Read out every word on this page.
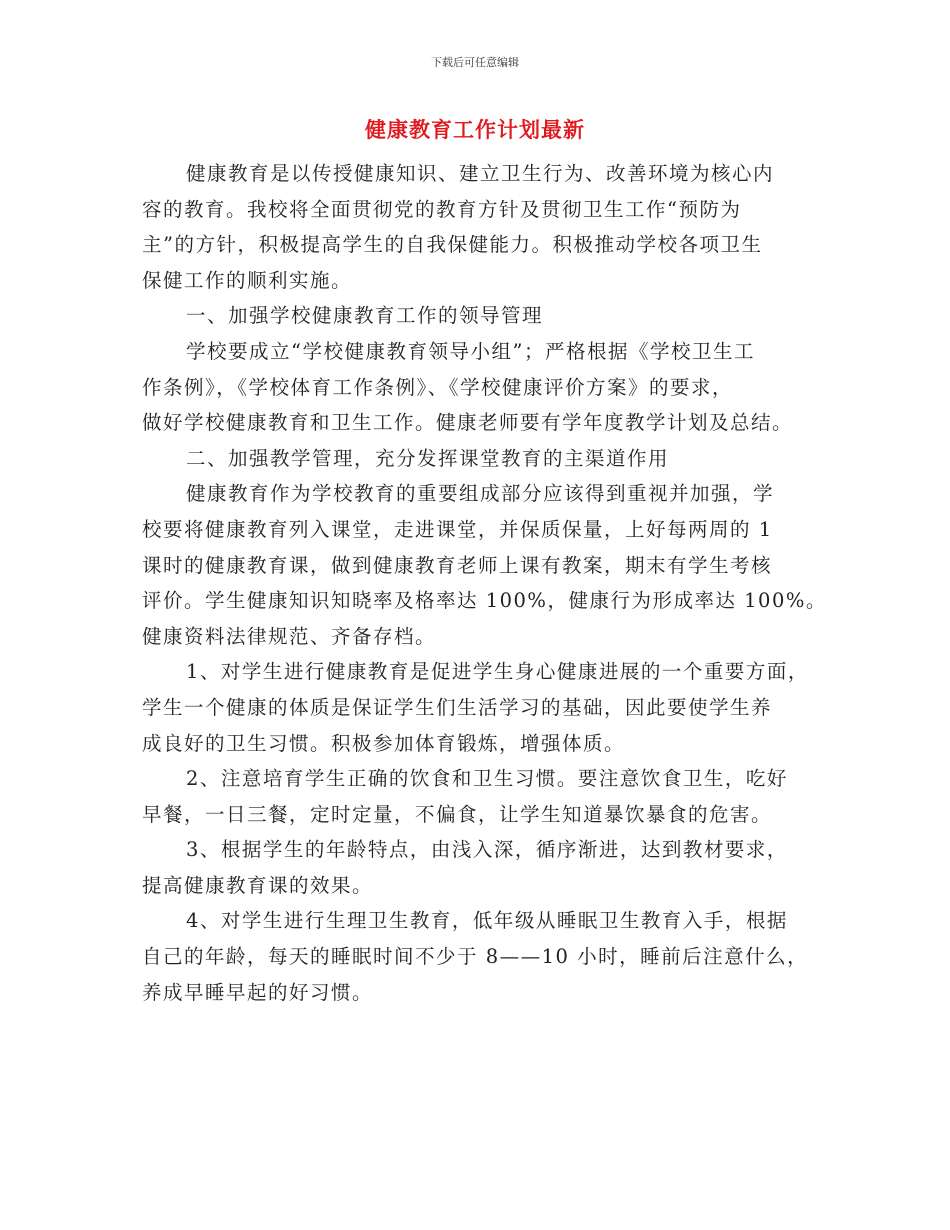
下载后可任意编辑
健康教育工作计划最新

健康教育是以传授健康知识、建立卫生行为、改善环境为核心内
容的教育。我校将全面贯彻党的教育方针及贯彻卫生工作“预防为
主”的方针，积极提高学生的自我保健能力。积极推动学校各项卫生
保健工作的顺利实施。

一、加强学校健康教育工作的领导管理

学校要成立“学校健康教育领导小组”；严格根据《学校卫生工
作条例》，《学校体育工作条例》、《学校健康评价方案》的要求，
做好学校健康教育和卫生工作。健康老师要有学年度教学计划及总结。

二、加强教学管理，充分发挥课堂教育的主渠道作用

健康教育作为学校教育的重要组成部分应该得到重视并加强，学
校要将健康教育列入课堂，走进课堂，并保质保量，上好每两周的 1
课时的健康教育课，做到健康教育老师上课有教案，期末有学生考核
评价。学生健康知识知晓率及格率达 100%，健康行为形成率达 100%。
健康资料法律规范、齐备存档。

1、对学生进行健康教育是促进学生身心健康进展的一个重要方面，
学生一个健康的体质是保证学生们生活学习的基础，因此要使学生养
成良好的卫生习惯。积极参加体育锻炼，增强体质。

2、注意培育学生正确的饮食和卫生习惯。要注意饮食卫生，吃好
早餐，一日三餐，定时定量，不偏食，让学生知道暴饮暴食的危害。

3、根据学生的年龄特点，由浅入深，循序渐进，达到教材要求，
提高健康教育课的效果。

4、对学生进行生理卫生教育，低年级从睡眠卫生教育入手，根据
自己的年龄，每天的睡眠时间不少于 8——10 小时，睡前后注意什么，
养成早睡早起的好习惯。
